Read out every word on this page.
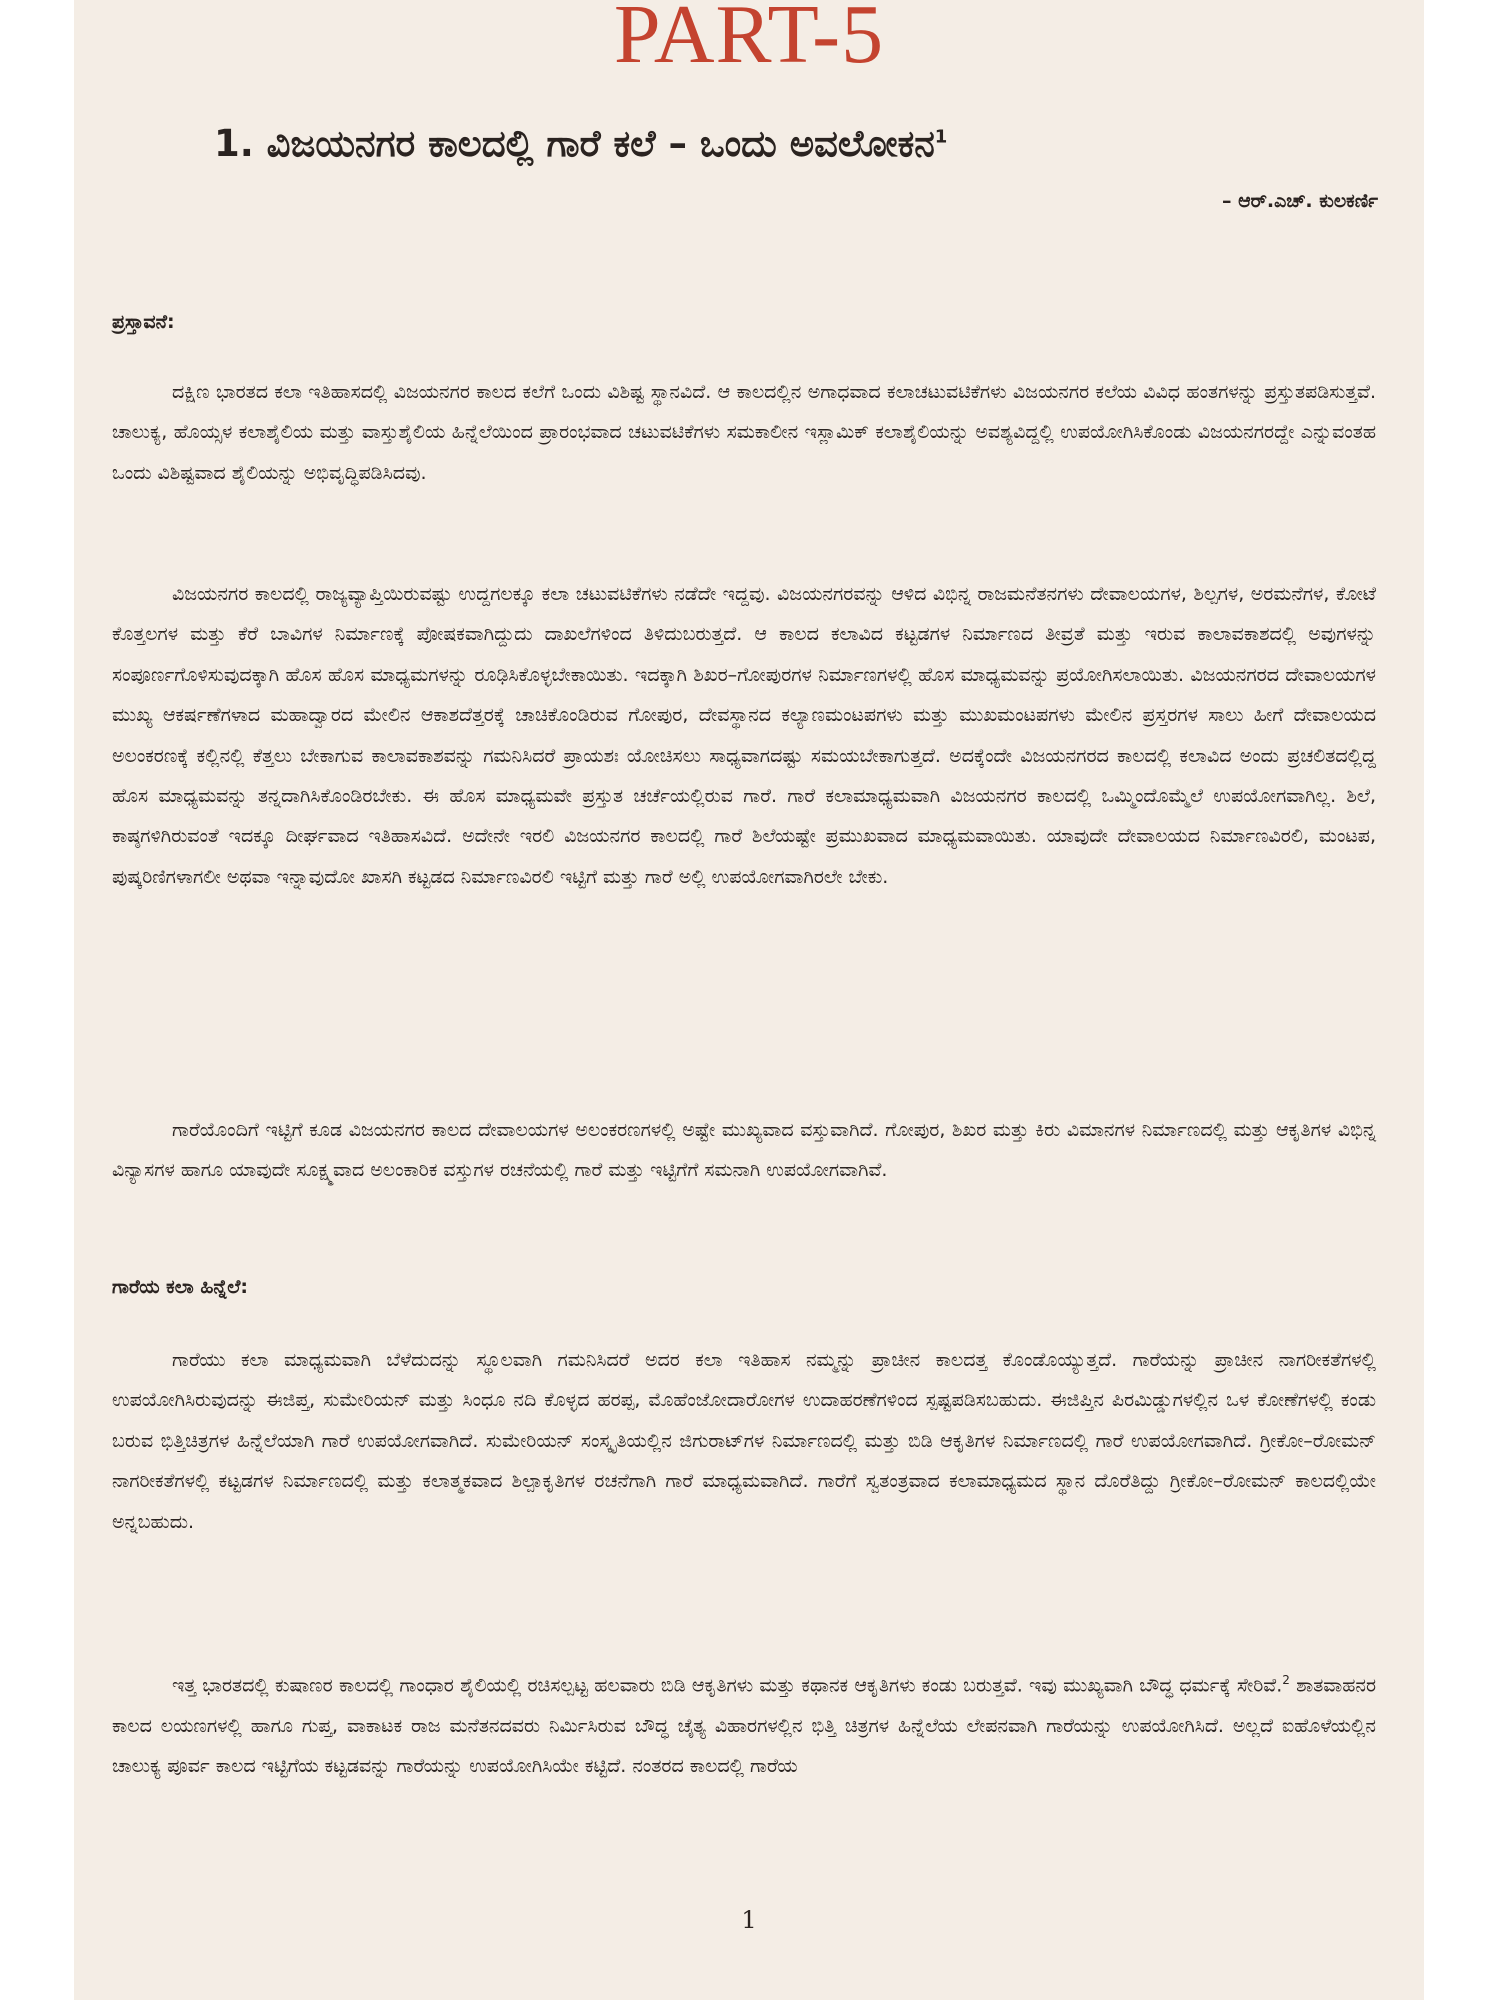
PART-5
1. ವಿಜಯನಗರ ಕಾಲದಲ್ಲಿ ಗಾರೆ ಕಲೆ – ಒಂದು ಅವಲೋಕನ$^1$
– ಆರ್.ಎಚ್. ಕುಲಕರ್ಣಿ
ಪ್ರಸ್ತಾವನೆ:

ದಕ್ಷಿಣ ಭಾರತದ ಕಲಾ ಇತಿಹಾಸದಲ್ಲಿ ವಿಜಯನಗರ ಕಾಲದ ಕಲೆಗೆ ಒಂದು ವಿಶಿಷ್ಟ ಸ್ಥಾನವಿದೆ. ಆ ಕಾಲದಲ್ಲಿನ ಅಗಾಧವಾದ ಕಲಾಚಟುವಟಿಕೆಗಳು ವಿಜಯನಗರ ಕಲೆಯ ವಿವಿಧ ಹಂತಗಳನ್ನು ಪ್ರಸ್ತುತಪಡಿಸುತ್ತವೆ. ಚಾಲುಕ್ಯ, ಹೊಯ್ಸಳ ಕಲಾಶೈಲಿಯ ಮತ್ತು ವಾಸ್ತುಶೈಲಿಯ ಹಿನ್ನೆಲೆಯಿಂದ ಪ್ರಾರಂಭವಾದ ಚಟುವಟಿಕೆಗಳು ಸಮಕಾಲೀನ ಇಸ್ಲಾಮಿಕ್ ಕಲಾಶೈಲಿಯನ್ನು ಅವಶ್ಯವಿದ್ದಲ್ಲಿ ಉಪಯೋಗಿಸಿಕೊಂಡು ವಿಜಯನಗರದ್ದೇ ಎನ್ನುವಂತಹ ಒಂದು ವಿಶಿಷ್ಟವಾದ ಶೈಲಿಯನ್ನು ಅಭಿವೃದ್ಧಿಪಡಿಸಿದವು.

ವಿಜಯನಗರ ಕಾಲದಲ್ಲಿ ರಾಜ್ಯವ್ಯಾಪ್ತಿಯಿರುವಷ್ಟು ಉದ್ದಗಲಕ್ಕೂ ಕಲಾ ಚಟುವಟಿಕೆಗಳು ನಡೆದೇ ಇದ್ದವು. ವಿಜಯನಗರವನ್ನು ಆಳಿದ ವಿಭಿನ್ನ ರಾಜಮನೆತನಗಳು ದೇವಾಲಯಗಳ, ಶಿಲ್ಪಗಳ, ಅರಮನೆಗಳ, ಕೋಟೆ ಕೊತ್ತಲಗಳ ಮತ್ತು ಕೆರೆ ಬಾವಿಗಳ ನಿರ್ಮಾಣಕ್ಕೆ ಪೋಷಕವಾಗಿದ್ದುದು ದಾಖಲೆಗಳಿಂದ ತಿಳಿದುಬರುತ್ತದೆ. ಆ ಕಾಲದ ಕಲಾವಿದ ಕಟ್ಟಡಗಳ ನಿರ್ಮಾಣದ ತೀವ್ರತೆ ಮತ್ತು ಇರುವ ಕಾಲಾವಕಾಶದಲ್ಲಿ ಅವುಗಳನ್ನು ಸಂಪೂರ್ಣಗೊಳಿಸುವುದಕ್ಕಾಗಿ ಹೊಸ ಹೊಸ ಮಾಧ್ಯಮಗಳನ್ನು ರೂಢಿಸಿಕೊಳ್ಳಬೇಕಾಯಿತು. ಇದಕ್ಕಾಗಿ ಶಿಖರ–ಗೋಪುರಗಳ ನಿರ್ಮಾಣಗಳಲ್ಲಿ ಹೊಸ ಮಾಧ್ಯಮವನ್ನು ಪ್ರಯೋಗಿಸಲಾಯಿತು. ವಿಜಯನಗರದ ದೇವಾಲಯಗಳ ಮುಖ್ಯ ಆಕರ್ಷಣೆಗಳಾದ ಮಹಾದ್ವಾರದ ಮೇಲಿನ ಆಕಾಶದೆತ್ತರಕ್ಕೆ ಚಾಚಿಕೊಂಡಿರುವ ಗೋಪುರ, ದೇವಸ್ಥಾನದ ಕಲ್ಯಾಣಮಂಟಪಗಳು ಮತ್ತು ಮುಖಮಂಟಪಗಳು ಮೇಲಿನ ಪ್ರಸ್ತರಗಳ ಸಾಲು ಹೀಗೆ ದೇವಾಲಯದ ಅಲಂಕರಣಕ್ಕೆ ಕಲ್ಲಿನಲ್ಲಿ ಕೆತ್ತಲು ಬೇಕಾಗುವ ಕಾಲಾವಕಾಶವನ್ನು ಗಮನಿಸಿದರೆ ಪ್ರಾಯಶಃ ಯೋಚಿಸಲು ಸಾಧ್ಯವಾಗದಷ್ಟು ಸಮಯಬೇಕಾಗುತ್ತದೆ. ಅದಕ್ಕೆಂದೇ ವಿಜಯನಗರದ ಕಾಲದಲ್ಲಿ ಕಲಾವಿದ ಅಂದು ಪ್ರಚಲಿತದಲ್ಲಿದ್ದ ಹೊಸ ಮಾಧ್ಯಮವನ್ನು ತನ್ನದಾಗಿಸಿಕೊಂಡಿರಬೇಕು. ಈ ಹೊಸ ಮಾಧ್ಯಮವೇ ಪ್ರಸ್ತುತ ಚರ್ಚೆಯಲ್ಲಿರುವ ಗಾರೆ. ಗಾರೆ ಕಲಾಮಾಧ್ಯಮವಾಗಿ ವಿಜಯನಗರ ಕಾಲದಲ್ಲಿ ಒಮ್ಮಿಂದೊಮ್ಮೆಲೆ ಉಪಯೋಗವಾಗಿಲ್ಲ. ಶಿಲೆ, ಕಾಷ್ಠಗಳಿಗಿರುವಂತೆ ಇದಕ್ಕೂ ದೀರ್ಘವಾದ ಇತಿಹಾಸವಿದೆ. ಅದೇನೇ ಇರಲಿ ವಿಜಯನಗರ ಕಾಲದಲ್ಲಿ ಗಾರೆ ಶಿಲೆಯಷ್ಟೇ ಪ್ರಮುಖವಾದ ಮಾಧ್ಯಮವಾಯಿತು. ಯಾವುದೇ ದೇವಾಲಯದ ನಿರ್ಮಾಣವಿರಲಿ, ಮಂಟಪ, ಪುಷ್ಕರಿಣಿಗಳಾಗಲೀ ಅಥವಾ ಇನ್ನಾವುದೋ ಖಾಸಗಿ ಕಟ್ಟಡದ ನಿರ್ಮಾಣವಿರಲಿ ಇಟ್ಟಿಗೆ ಮತ್ತು ಗಾರೆ ಅಲ್ಲಿ ಉಪಯೋಗವಾಗಿರಲೇ ಬೇಕು.

ಗಾರೆಯೊಂದಿಗೆ ಇಟ್ಟಿಗೆ ಕೂಡ ವಿಜಯನಗರ ಕಾಲದ ದೇವಾಲಯಗಳ ಅಲಂಕರಣಗಳಲ್ಲಿ ಅಷ್ಟೇ ಮುಖ್ಯವಾದ ವಸ್ತುವಾಗಿದೆ. ಗೋಪುರ, ಶಿಖರ ಮತ್ತು ಕಿರು ವಿಮಾನಗಳ ನಿರ್ಮಾಣದಲ್ಲಿ ಮತ್ತು ಆಕೃತಿಗಳ ವಿಭಿನ್ನ ವಿನ್ಯಾಸಗಳ ಹಾಗೂ ಯಾವುದೇ ಸೂಕ್ಷ್ಮವಾದ ಅಲಂಕಾರಿಕ ವಸ್ತುಗಳ ರಚನೆಯಲ್ಲಿ ಗಾರೆ ಮತ್ತು ಇಟ್ಟಿಗೆಗೆ ಸಮನಾಗಿ ಉಪಯೋಗವಾಗಿವೆ.

ಗಾರೆಯ ಕಲಾ ಹಿನ್ನೆಲೆ:

ಗಾರೆಯು ಕಲಾ ಮಾಧ್ಯಮವಾಗಿ ಬೆಳೆದುದನ್ನು ಸ್ಥೂಲವಾಗಿ ಗಮನಿಸಿದರೆ ಅದರ ಕಲಾ ಇತಿಹಾಸ ನಮ್ಮನ್ನು ಪ್ರಾಚೀನ ಕಾಲದತ್ತ ಕೊಂಡೊಯ್ಯುತ್ತದೆ. ಗಾರೆಯನ್ನು ಪ್ರಾಚೀನ ನಾಗರೀಕತೆಗಳಲ್ಲಿ ಉಪಯೋಗಿಸಿರುವುದನ್ನು ಈಜಿಪ್ತ, ಸುಮೇರಿಯನ್ ಮತ್ತು ಸಿಂಧೂ ನದಿ ಕೊಳ್ಳದ ಹರಪ್ಪ, ಮೊಹೆಂಜೋದಾರೋಗಳ ಉದಾಹರಣೆಗಳಿಂದ ಸ್ಪಷ್ಟಪಡಿಸಬಹುದು. ಈಜಿಪ್ತಿನ ಪಿರಮಿಡ್ಡುಗಳಲ್ಲಿನ ಒಳ ಕೋಣೆಗಳಲ್ಲಿ ಕಂಡು ಬರುವ ಭಿತ್ತಿಚಿತ್ರಗಳ ಹಿನ್ನೆಲೆಯಾಗಿ ಗಾರೆ ಉಪಯೋಗವಾಗಿದೆ. ಸುಮೇರಿಯನ್ ಸಂಸ್ಕೃತಿಯಲ್ಲಿನ ಜಿಗುರಾಟ್‌ಗಳ ನಿರ್ಮಾಣದಲ್ಲಿ ಮತ್ತು ಬಿಡಿ ಆಕೃತಿಗಳ ನಿರ್ಮಾಣದಲ್ಲಿ ಗಾರೆ ಉಪಯೋಗವಾಗಿದೆ. ಗ್ರೀಕೋ–ರೋಮನ್ ನಾಗರೀಕತೆಗಳಲ್ಲಿ ಕಟ್ಟಡಗಳ ನಿರ್ಮಾಣದಲ್ಲಿ ಮತ್ತು ಕಲಾತ್ಮಕವಾದ ಶಿಲ್ಪಾಕೃತಿಗಳ ರಚನೆಗಾಗಿ ಗಾರೆ ಮಾಧ್ಯಮವಾಗಿದೆ. ಗಾರೆಗೆ ಸ್ವತಂತ್ರವಾದ ಕಲಾಮಾಧ್ಯಮದ ಸ್ಥಾನ ದೊರೆತಿದ್ದು ಗ್ರೀಕೋ–ರೋಮನ್ ಕಾಲದಲ್ಲಿಯೇ ಅನ್ನಬಹುದು.

ಇತ್ತ ಭಾರತದಲ್ಲಿ ಕುಷಾಣರ ಕಾಲದಲ್ಲಿ ಗಾಂಧಾರ ಶೈಲಿಯಲ್ಲಿ ರಚಿಸಲ್ಪಟ್ಟ ಹಲವಾರು ಬಿಡಿ ಆಕೃತಿಗಳು ಮತ್ತು ಕಥಾನಕ ಆಕೃತಿಗಳು ಕಂಡು ಬರುತ್ತವೆ. ಇವು ಮುಖ್ಯವಾಗಿ ಬೌದ್ಧ ಧರ್ಮಕ್ಕೆ ಸೇರಿವೆ.$^2$ ಶಾತವಾಹನರ ಕಾಲದ ಲಯಣಗಳಲ್ಲಿ ಹಾಗೂ ಗುಪ್ತ, ವಾಕಾಟಕ ರಾಜ ಮನೆತನದವರು ನಿರ್ಮಿಸಿರುವ ಬೌದ್ಧ ಚೈತ್ಯ ವಿಹಾರಗಳಲ್ಲಿನ ಭಿತ್ತಿ ಚಿತ್ರಗಳ ಹಿನ್ನೆಲೆಯ ಲೇಪನವಾಗಿ ಗಾರೆಯನ್ನು ಉಪಯೋಗಿಸಿದೆ. ಅಲ್ಲದೆ ಐಹೊಳೆಯಲ್ಲಿನ ಚಾಲುಕ್ಯ ಪೂರ್ವ ಕಾಲದ ಇಟ್ಟಿಗೆಯ ಕಟ್ಟಡವನ್ನು ಗಾರೆಯನ್ನು ಉಪಯೋಗಿಸಿಯೇ ಕಟ್ಟಿದೆ. ನಂತರದ ಕಾಲದಲ್ಲಿ ಗಾರೆಯ

1
